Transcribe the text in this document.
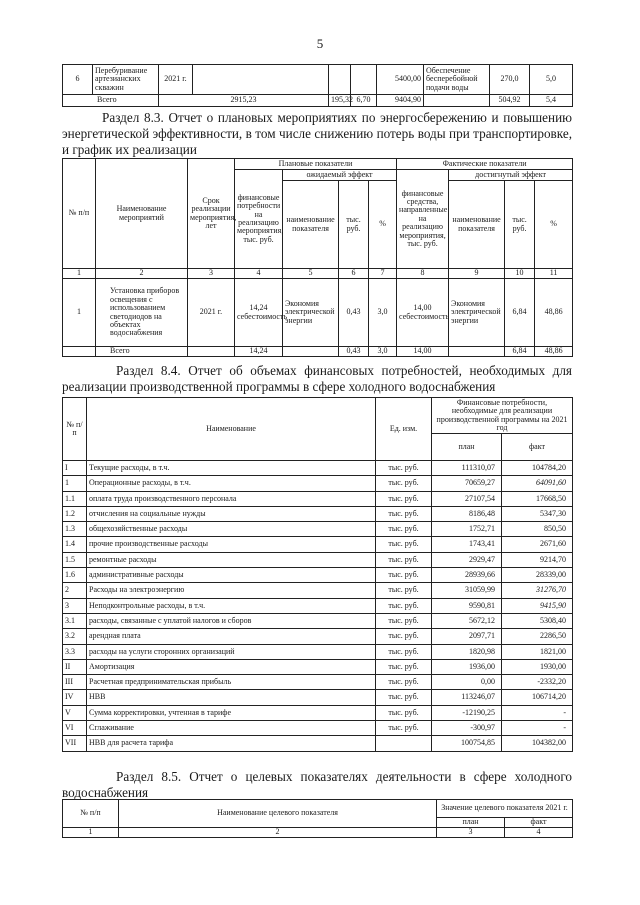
5
6	Перебуривание артезианских скважин	2021 г.				5400,00	Обеспечение бесперебойной подачи воды	270,0	5,0
Всего		2915,23		195,32	6,70	9404,90		504,92	5,4
Раздел 8.3. Отчет о плановых мероприятиях по энергосбережению и повышению энергетической эффективности, в том числе снижению потерь воды при транспортировке, и график их реализации
№ п/п	Наименование мероприятий	Срок реализации мероприятия, лет	Плановые показатели				Фактические показатели			
			финансовые потребности на реализацию мероприятия, тыс. руб.	ожидаемый эффект			финансовые средства, направленные на реализацию мероприятия, тыс. руб.	достигнутый эффект		
				наименование показателя	тыс. руб.	%		наименование показателя	тыс. руб.	%
1	2	3	4	5	6	7	8	9	10	11
1	Установка приборов освещения с использованием светодиодов на объектах водоснабжения	2021 г.	14,24 себестоимость	Экономия электрической энергии	0,43	3,0	14,00 себестоимость	Экономия электрической энергии	6,84	48,86
	Всего		14,24		0,43	3,0	14,00		6,84	48,86
Раздел 8.4. Отчет об объемах финансовых потребностей, необходимых для реализации производственной программы в сфере холодного водоснабжения
№ п/п	Наименование	Ед. изм.	Финансовые потребности, необходимые для реализации производственной программы на 2021 год	
			план	факт
I	Текущие расходы, в т.ч.	тыс. руб.	111310,07	104784,20
1	Операционные расходы, в т.ч.	тыс. руб.	70659,27	64091,60
1.1	оплата труда производственного персонала	тыс. руб.	27107,54	17668,50
1.2	отчисления на социальные нужды	тыс. руб.	8186,48	5347,30
1.3	общехозяйственные расходы	тыс. руб.	1752,71	850,50
1.4	прочие производственные расходы	тыс. руб.	1743,41	2671,60
1.5	ремонтные расходы	тыс. руб.	2929,47	9214,70
1.6	административные расходы	тыс. руб.	28939,66	28339,00
2	Расходы на электроэнергию	тыс. руб.	31059,99	31276,70
3	Неподконтрольные расходы, в т.ч.	тыс. руб.	9590,81	9415,90
3.1	расходы, связанные с уплатой налогов и сборов	тыс. руб.	5672,12	5308,40
3.2	арендная плата	тыс. руб.	2097,71	2286,50
3.3	расходы на услуги сторонних организаций	тыс. руб.	1820,98	1821,00
II	Амортизация	тыс. руб.	1936,00	1930,00
III	Расчетная предпринимательская прибыль	тыс. руб.	0,00	-2332,20
IV	НВВ	тыс. руб.	113246,07	106714,20
V	Сумма корректировки, учтенная в тарифе	тыс. руб.	-12190,25	-
VI	Сглаживание	тыс. руб.	-300,97	-
VII	НВВ для расчета тарифа		100754,85	104382,00
Раздел 8.5. Отчет о целевых показателях деятельности в сфере холодного водоснабжения
№ п/п	Наименование целевого показателя	Значение целевого показателя 2021 г.	
		план	факт
1	2	3	4
